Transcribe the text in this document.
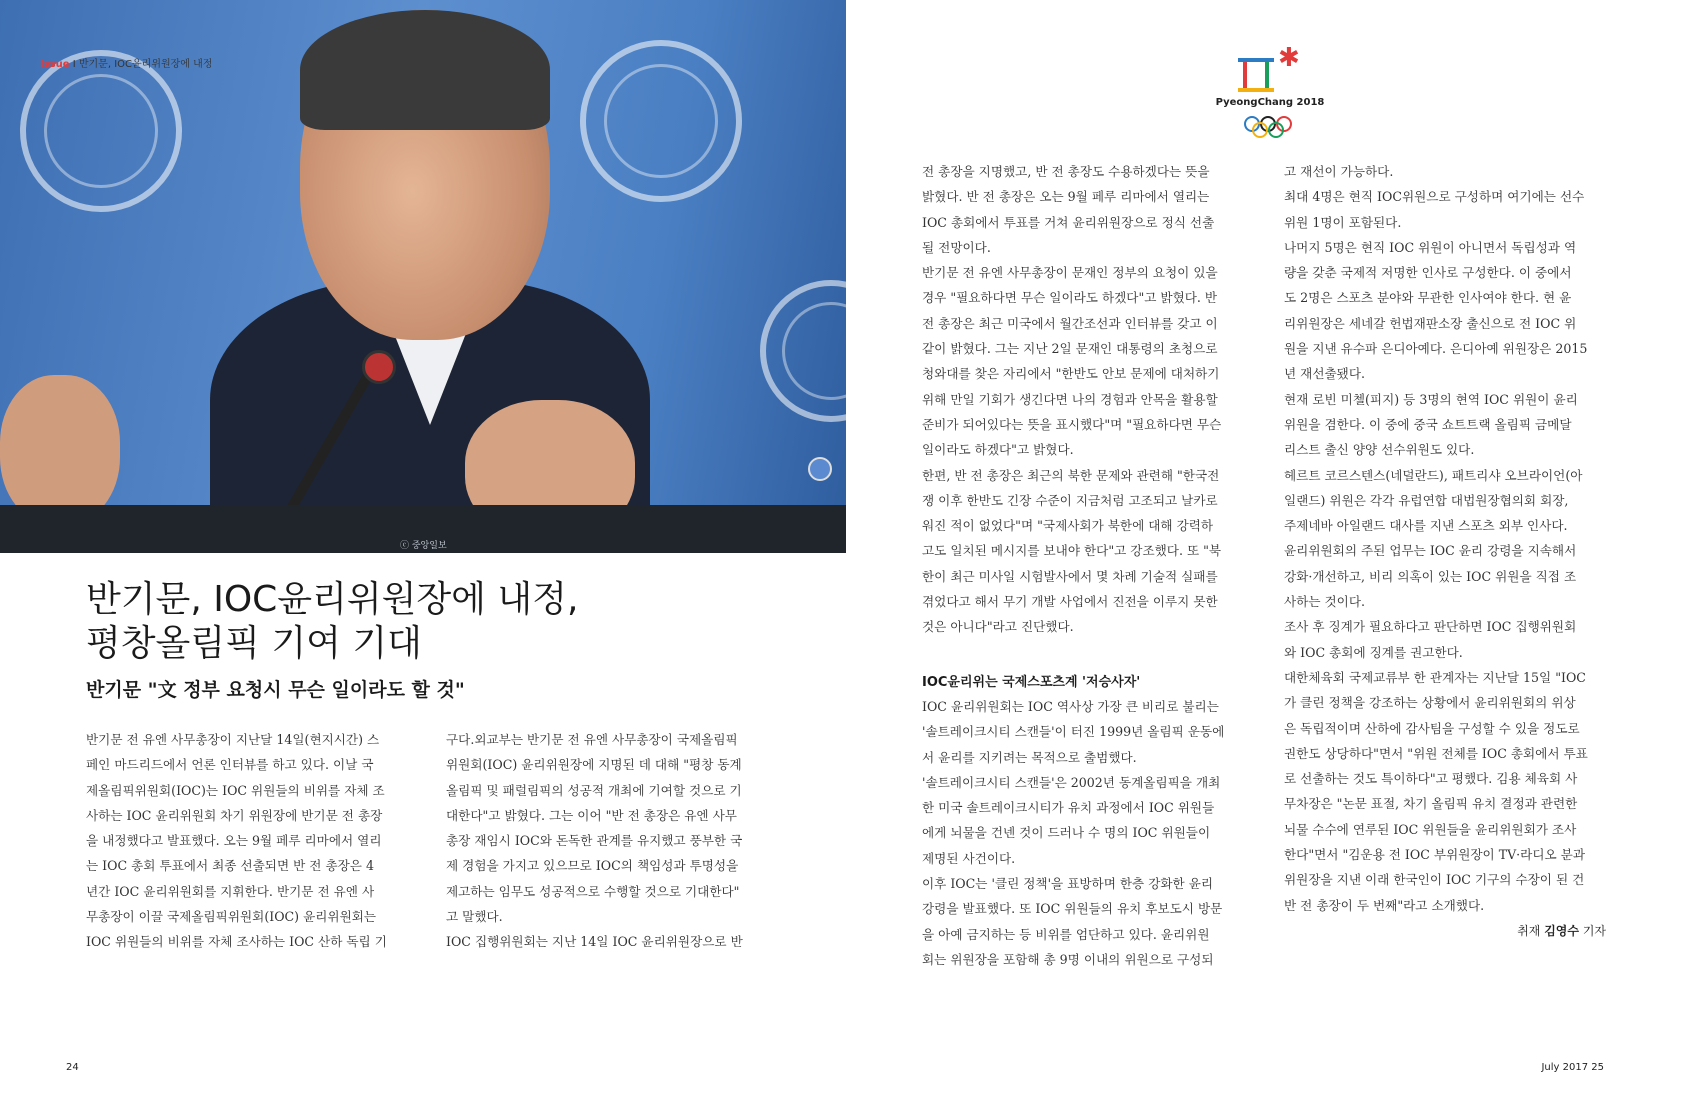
ⓒ 중앙일보
Issue I 반기문, IOC윤리위원장에 내정	✱
PyeongChang 2018
반기문, IOC윤리위원장에 내정,
평창올림픽 기여 기대
반기문 "文 정부 요청시 무슨 일이라도 할 것"
반기문 전 유엔 사무총장이 지난달 14일(현지시간) 스
페인 마드리드에서 언론 인터뷰를 하고 있다. 이날 국
제올림픽위원회(IOC)는 IOC 위원들의 비위를 자체 조
사하는 IOC 윤리위원회 차기 위원장에 반기문 전 총장
을 내정했다고 발표했다. 오는 9월 페루 리마에서 열리
는 IOC 총회 투표에서 최종 선출되면 반 전 총장은 4
년간 IOC 윤리위원회를 지휘한다. 반기문 전 유엔 사
무총장이 이끌 국제올림픽위원회(IOC) 윤리위원회는
IOC 위원들의 비위를 자체 조사하는 IOC 산하 독립 기
구다.외교부는 반기문 전 유엔 사무총장이 국제올림픽
위원회(IOC) 윤리위원장에 지명된 데 대해 "평창 동계
올림픽 및 패럴림픽의 성공적 개최에 기여할 것으로 기
대한다"고 밝혔다. 그는 이어 "반 전 총장은 유엔 사무
총장 재임시 IOC와 돈독한 관계를 유지했고 풍부한 국
제 경험을 가지고 있으므로 IOC의 책임성과 투명성을
제고하는 임무도 성공적으로 수행할 것으로 기대한다"
고 말했다.
IOC 집행위원회는 지난 14일 IOC 윤리위원장으로 반
전 총장을 지명했고, 반 전 총장도 수용하겠다는 뜻을
밝혔다. 반 전 총장은 오는 9월 페루 리마에서 열리는
IOC 총회에서 투표를 거쳐 윤리위원장으로 정식 선출
될 전망이다.
반기문 전 유엔 사무총장이 문재인 정부의 요청이 있을
경우 "필요하다면 무슨 일이라도 하겠다"고 밝혔다. 반
전 총장은 최근 미국에서 월간조선과 인터뷰를 갖고 이
같이 밝혔다. 그는 지난 2일 문재인 대통령의 초청으로
청와대를 찾은 자리에서 "한반도 안보 문제에 대처하기
위해 만일 기회가 생긴다면 나의 경험과 안목을 활용할
준비가 되어있다는 뜻을 표시했다"며 "필요하다면 무슨
일이라도 하겠다"고 밝혔다.
한편, 반 전 총장은 최근의 북한 문제와 관련해 "한국전
쟁 이후 한반도 긴장 수준이 지금처럼 고조되고 날카로
워진 적이 없었다"며 "국제사회가 북한에 대해 강력하
고도 일치된 메시지를 보내야 한다"고 강조했다. 또 "북
한이 최근 미사일 시험발사에서 몇 차례 기술적 실패를
겪었다고 해서 무기 개발 사업에서 진전을 이루지 못한
것은 아니다"라고 진단했다.
IOC윤리위는 국제스포츠계 '저승사자'
IOC 윤리위원회는 IOC 역사상 가장 큰 비리로 불리는
'솔트레이크시티 스캔들'이 터진 1999년 올림픽 운동에
서 윤리를 지키려는 목적으로 출범했다.
'솔트레이크시티 스캔들'은 2002년 동계올림픽을 개최
한 미국 솔트레이크시티가 유치 과정에서 IOC 위원들
에게 뇌물을 건넨 것이 드러나 수 명의 IOC 위원들이
제명된 사건이다.
이후 IOC는 '클린 정책'을 표방하며 한층 강화한 윤리
강령을 발표했다. 또 IOC 위원들의 유치 후보도시 방문
을 아예 금지하는 등 비위를 엄단하고 있다. 윤리위원
회는 위원장을 포함해 총 9명 이내의 위원으로 구성되
고 재선이 가능하다.
최대 4명은 현직 IOC위원으로 구성하며 여기에는 선수
위원 1명이 포함된다.
나머지 5명은 현직 IOC 위원이 아니면서 독립성과 역
량을 갖춘 국제적 저명한 인사로 구성한다. 이 중에서
도 2명은 스포츠 분야와 무관한 인사여야 한다. 현 윤
리위원장은 세네갈 헌법재판소장 출신으로 전 IOC 위
원을 지낸 유수파 은디아예다. 은디아예 위원장은 2015
년 재선출됐다.
현재 로빈 미첼(피지) 등 3명의 현역 IOC 위원이 윤리
위원을 겸한다. 이 중에 중국 쇼트트랙 올림픽 금메달
리스트 출신 양양 선수위원도 있다.
헤르트 코르스텐스(네덜란드), 패트리샤 오브라이언(아
일랜드) 위원은 각각 유럽연합 대법원장협의회 회장,
주제네바 아일랜드 대사를 지낸 스포츠 외부 인사다.
윤리위원회의 주된 업무는 IOC 윤리 강령을 지속해서
강화·개선하고, 비리 의혹이 있는 IOC 위원을 직접 조
사하는 것이다.
조사 후 징계가 필요하다고 판단하면 IOC 집행위원회
와 IOC 총회에 징계를 권고한다.
대한체육회 국제교류부 한 관계자는 지난달 15일 "IOC
가 클린 정책을 강조하는 상황에서 윤리위원회의 위상
은 독립적이며 산하에 감사팀을 구성할 수 있을 정도로
권한도 상당하다"면서 "위원 전체를 IOC 총회에서 투표
로 선출하는 것도 특이하다"고 평했다. 김용 체육회 사
무차장은 "논문 표절, 차기 올림픽 유치 결정과 관련한
뇌물 수수에 연루된 IOC 위원들을 윤리위원회가 조사
한다"면서 "김운용 전 IOC 부위원장이 TV·라디오 분과
위원장을 지낸 이래 한국인이 IOC 기구의 수장이 된 건
반 전 총장이 두 번째"라고 소개했다.
취재 김영수 기자
24	July 2017 25
